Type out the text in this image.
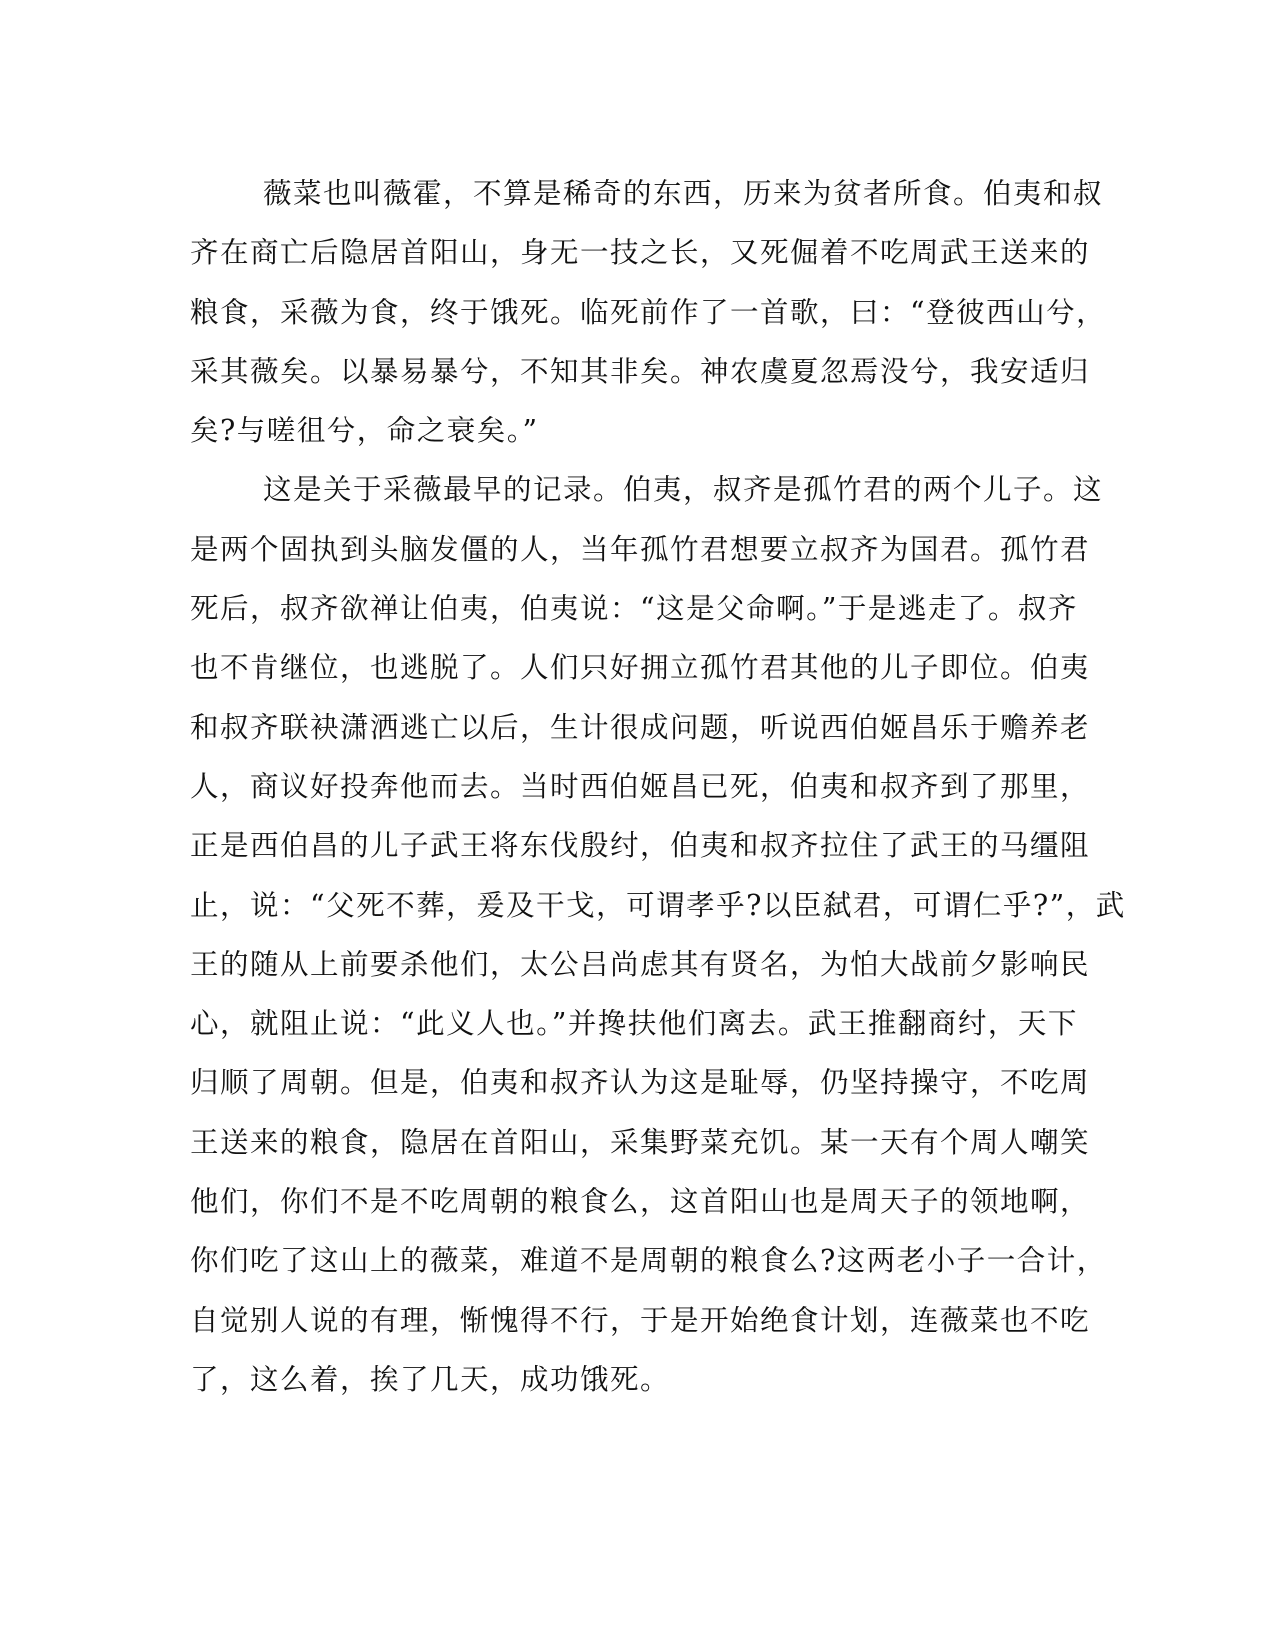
薇菜也叫薇霍，不算是稀奇的东西，历来为贫者所食。伯夷和叔
齐在商亡后隐居首阳山，身无一技之长，又死倔着不吃周武王送来的
粮食，采薇为食，终于饿死。临死前作了一首歌，曰：“登彼西山兮，
采其薇矣。以暴易暴兮，不知其非矣。神农虞夏忽焉没兮，我安适归
矣?与嗟徂兮，命之衰矣。”
这是关于采薇最早的记录。伯夷，叔齐是孤竹君的两个儿子。这
是两个固执到头脑发僵的人，当年孤竹君想要立叔齐为国君。孤竹君
死后，叔齐欲禅让伯夷，伯夷说：“这是父命啊。”于是逃走了。叔齐
也不肯继位，也逃脱了。人们只好拥立孤竹君其他的儿子即位。伯夷
和叔齐联袂潇洒逃亡以后，生计很成问题，听说西伯姬昌乐于赡养老
人，商议好投奔他而去。当时西伯姬昌已死，伯夷和叔齐到了那里，
正是西伯昌的儿子武王将东伐殷纣，伯夷和叔齐拉住了武王的马缰阻
止，说：“父死不葬，爰及干戈，可谓孝乎?以臣弑君，可谓仁乎?”，武
王的随从上前要杀他们，太公吕尚虑其有贤名，为怕大战前夕影响民
心，就阻止说：“此义人也。”并搀扶他们离去。武王推翻商纣，天下
归顺了周朝。但是，伯夷和叔齐认为这是耻辱，仍坚持操守，不吃周
王送来的粮食，隐居在首阳山，采集野菜充饥。某一天有个周人嘲笑
他们，你们不是不吃周朝的粮食么，这首阳山也是周天子的领地啊，
你们吃了这山上的薇菜，难道不是周朝的粮食么?这两老小子一合计，
自觉别人说的有理，惭愧得不行，于是开始绝食计划，连薇菜也不吃
了，这么着，挨了几天，成功饿死。
